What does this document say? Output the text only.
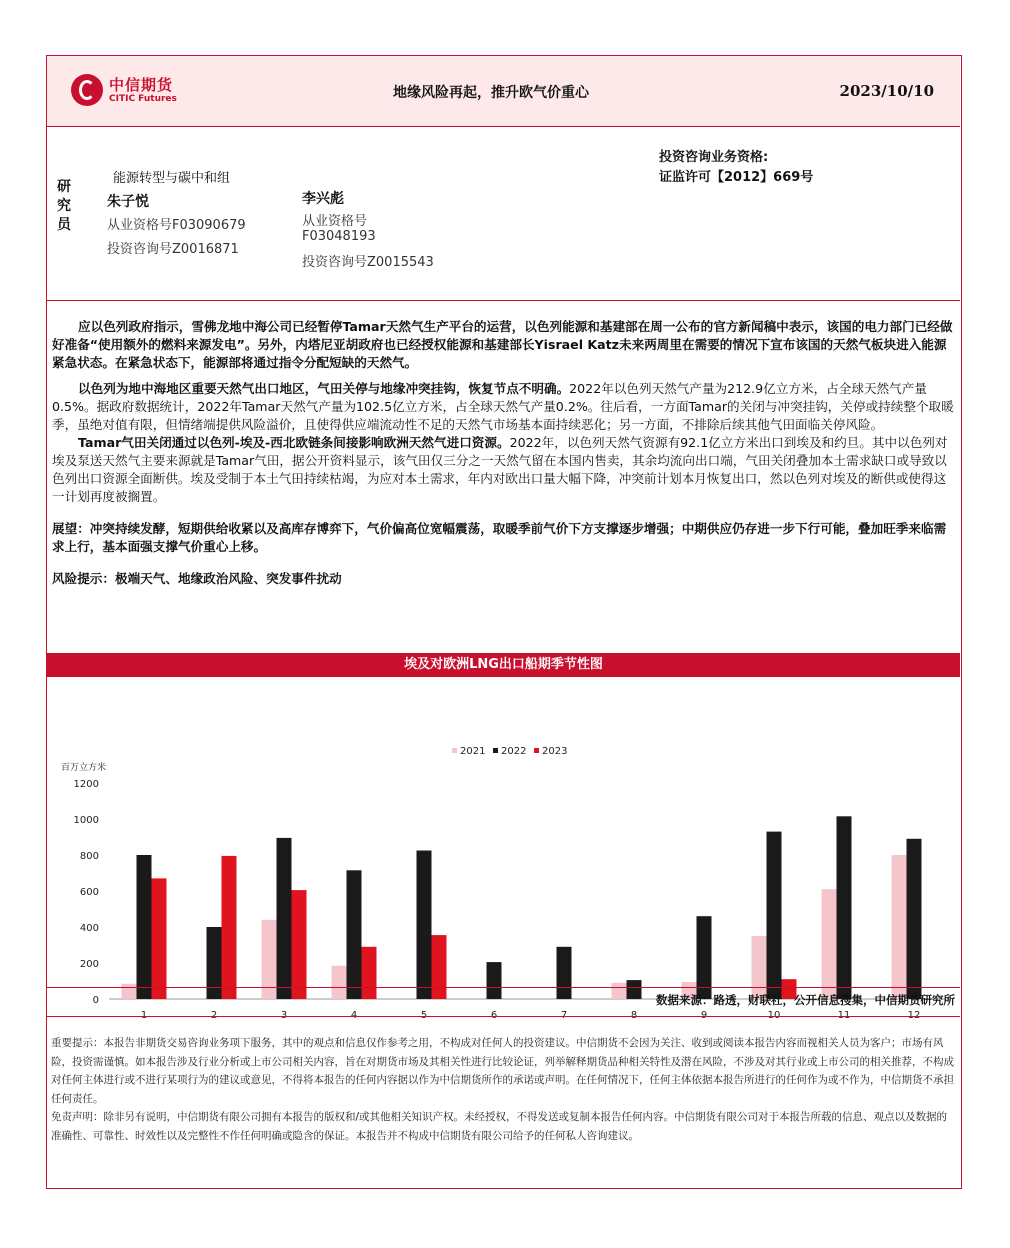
中信期货
CITIC Futures	地缘风险再起，推升欧气价重心	2023/10/10
研究员
能源转型与碳中和组
朱子悦
从业资格号F03090679
投资咨询号Z0016871
李兴彪
从业资格号
F03048193
投资咨询号Z0015543
投资咨询业务资格:
证监许可【2012】669号

应以色列政府指示，雪佛龙地中海公司已经暂停Tamar天然气生产平台的运营，以色列能源和基建部在周一公布的官方新闻稿中表示，该国的电力部门已经做好准备“使用额外的燃料来源发电”。另外，内塔尼亚胡政府也已经授权能源和基建部长Yisrael Katz未来两周里在需要的情况下宣布该国的天然气板块进入能源紧急状态。在紧急状态下，能源部将通过指令分配短缺的天然气。

以色列为地中海地区重要天然气出口地区，气田关停与地缘冲突挂钩，恢复节点不明确。2022年以色列天然气产量为212.9亿立方米，占全球天然气产量0.5%。据政府数据统计，2022年Tamar天然气产量为102.5亿立方米，占全球天然气产量0.2%。往后看，一方面Tamar的关闭与冲突挂钩，关停或持续整个取暖季，虽绝对值有限，但情绪端提供风险溢价，且使得供应端流动性不足的天然气市场基本面持续恶化；另一方面，不排除后续其他气田面临关停风险。

Tamar气田关闭通过以色列-埃及-西北欧链条间接影响欧洲天然气进口资源。2022年，以色列天然气资源有92.1亿立方米出口到埃及和约旦。其中以色列对埃及泵送天然气主要来源就是Tamar气田，据公开资料显示，该气田仅三分之一天然气留在本国内售卖，其余均流向出口端，气田关闭叠加本土需求缺口或导致以色列出口资源全面断供。埃及受制于本土气田持续枯竭，为应对本土需求，年内对欧出口量大幅下降，冲突前计划本月恢复出口，然以色列对埃及的断供或使得这一计划再度被搁置。

展望：冲突持续发酵，短期供给收紧以及高库存博弈下，气价偏高位宽幅震荡，取暖季前气价下方支撑逐步增强；中期供应仍存进一步下行可能，叠加旺季来临需求上行，基本面强支撑气价重心上移。

风险提示：极端天气、地缘政治风险、突发事件扰动

埃及对欧洲LNG出口船期季节性图
百万立方米
0
200
400
600
800
1000
1200
1	2	3	4	5	6	7	8	9	10	11	12
2021 2022 2023
数据来源：路透，财联社，公开信息搜集，中信期货研究所
重要提示：本报告非期货交易咨询业务项下服务，其中的观点和信息仅作参考之用，不构成对任何人的投资建议。中信期货不会因为关注、收到或阅读本报告内容而视相关人员为客户；市场有风险，投资需谨慎。如本报告涉及行业分析或上市公司相关内容，旨在对期货市场及其相关性进行比较论证，列举解释期货品种相关特性及潜在风险，不涉及对其行业或上市公司的相关推荐，不构成对任何主体进行或不进行某项行为的建议或意见，不得将本报告的任何内容据以作为中信期货所作的承诺或声明。在任何情况下，任何主体依据本报告所进行的任何作为或不作为，中信期货不承担任何责任。
免责声明：除非另有说明，中信期货有限公司拥有本报告的版权和/或其他相关知识产权。未经授权，不得发送或复制本报告任何内容。中信期货有限公司对于本报告所载的信息、观点以及数据的准确性、可靠性、时效性以及完整性不作任何明确或隐含的保证。本报告并不构成中信期货有限公司给予的任何私人咨询建议。
